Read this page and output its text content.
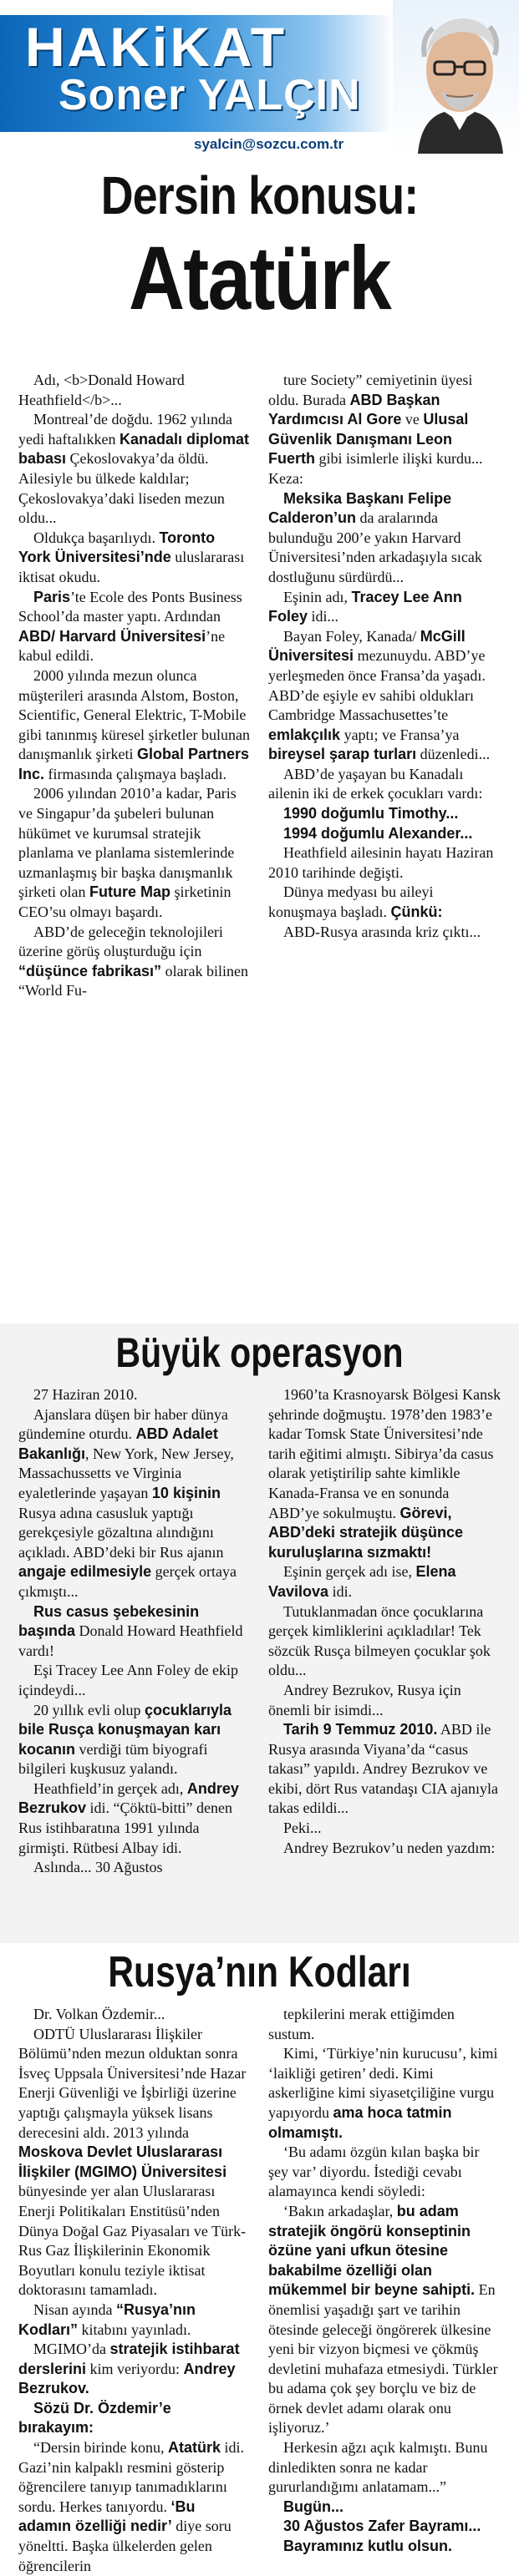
HAKiKAT
Soner YALÇIN
syalcin@sozcu.com.tr
Dersin konusu:
Atatürk

Adı, <b>Donald Howard Heathfield</b>...

Montreal’de doğdu. 1962 yılında yedi haftalıkken Kanadalı diplomat babası Çekoslovakya’da öldü. Ailesiyle bu ülkede kaldılar; Çekoslovakya’daki liseden mezun oldu...

Oldukça başarılıydı. Toronto York Üniversitesi’nde uluslararası iktisat okudu.

Paris’te Ecole des Ponts Business School’da master yaptı. Ardından ABD/ Harvard Üniversitesi’ne kabul edildi.

2000 yılında mezun olunca müşterileri arasında Alstom, Boston, Scientific, General Elektric, T-Mobile gibi tanınmış küresel şirketler bulunan danışmanlık şirketi Global Partners Inc. firmasında çalışmaya başladı.

2006 yılından 2010’a kadar, Paris ve Singapur’da şubeleri bulunan hükümet ve kurumsal stratejik planlama ve planlama sistemlerinde uzmanlaşmış bir başka danışmanlık şirketi olan Future Map şirketinin CEO’su olmayı başardı.

ABD’de geleceğin teknolojileri üzerine görüş oluşturduğu için “düşünce fabrikası” olarak bilinen “World Fu-

ture Society” cemiyetinin üyesi oldu. Burada ABD Başkan Yardımcısı Al Gore ve Ulusal Güvenlik Danışmanı Leon Fuerth gibi isimlerle ilişki kurdu... Keza:

Meksika Başkanı Felipe Calderon’un da aralarında bulunduğu 200’e yakın Harvard Üniversitesi’nden arkadaşıyla sıcak dostluğunu sürdürdü...

Eşinin adı, Tracey Lee Ann Foley idi...

Bayan Foley, Kanada/ McGill Üniversitesi mezunuydu. ABD’ye yerleşmeden önce Fransa’da yaşadı. ABD’de eşiyle ev sahibi oldukları Cambridge Massachusettes’te emlakçılık yaptı; ve Fransa’ya bireysel şarap turları düzenledi...

ABD’de yaşayan bu Kanadalı ailenin iki de erkek çocukları vardı:

1990 doğumlu Timothy...

1994 doğumlu Alexander...

Heathfield ailesinin hayatı Haziran 2010 tarihinde değişti.

Dünya medyası bu aileyi konuşmaya başladı. Çünkü:

ABD-Rusya arasında kriz çıktı...

Büyük operasyon

27 Haziran 2010.

Ajanslara düşen bir haber dünya gündemine oturdu. ABD Adalet Bakanlığı, New York, New Jersey, Massachussetts ve Virginia eyaletlerinde yaşayan 10 kişinin Rusya adına casusluk yaptığı gerekçesiyle gözaltına alındığını açıkladı. ABD’deki bir Rus ajanın angaje edilmesiyle gerçek ortaya çıkmıştı...

Rus casus şebekesinin başında Donald Howard Heathfield vardı!

Eşi Tracey Lee Ann Foley de ekip içindeydi...

20 yıllık evli olup çocuklarıyla bile Rusça konuşmayan karı kocanın verdiği tüm biyografi bilgileri kuşkusuz yalandı.

Heathfield’in gerçek adı, Andrey Bezrukov idi. “Çöktü-bitti” denen Rus istihbaratına 1991 yılında girmişti. Rütbesi Albay idi.

Aslında... 30 Ağustos

1960’ta Krasnoyarsk Bölgesi Kansk şehrinde doğmuştu. 1978’den 1983’e kadar Tomsk State Üniversitesi’nde tarih eğitimi almıştı. Sibirya’da casus olarak yetiştirilip sahte kimlikle Kanada-Fransa ve en sonunda ABD’ye sokulmuştu. Görevi, ABD’deki stratejik düşünce kuruluşlarına sızmaktı!

Eşinin gerçek adı ise, Elena Vavilova idi.

Tutuklanmadan önce çocuklarına gerçek kimliklerini açıkladılar! Tek sözcük Rusça bilmeyen çocuklar şok oldu...

Andrey Bezrukov, Rusya için önemli bir isimdi...

Tarih 9 Temmuz 2010. ABD ile Rusya arasında Viyana’da “casus takası” yapıldı. Andrey Bezrukov ve ekibi, dört Rus vatandaşı CIA ajanıyla takas edildi...

Peki...

Andrey Bezrukov’u neden yazdım:

Rusya’nın Kodları

Dr. Volkan Özdemir...

ODTÜ Uluslararası İlişkiler Bölümü’nden mezun olduktan sonra İsveç Uppsala Üniversitesi’nde Hazar Enerji Güvenliği ve İşbirliği üzerine yaptığı çalışmayla yüksek lisans derecesini aldı. 2013 yılında Moskova Devlet Uluslararası İlişkiler (MGIMO) Üniversitesi bünyesinde yer alan Uluslararası Enerji Politikaları Enstitüsü’nden Dünya Doğal Gaz Piyasaları ve Türk-Rus Gaz İlişkilerinin Ekonomik Boyutları konulu teziyle iktisat doktorasını tamamladı.

Nisan ayında “Rusya’nın Kodları” kitabını yayınladı.

MGIMO’da stratejik istihbarat derslerini kim veriyordu: Andrey Bezrukov.

Sözü Dr. Özdemir’e bırakayım:

“Dersin birinde konu, Atatürk idi. Gazi’nin kalpaklı resmini gösterip öğrencilere tanıyıp tanımadıklarını sordu. Herkes tanıyordu. ‘Bu adamın özelliği nedir’ diye soru yöneltti. Başka ülkelerden gelen öğrencilerin

tepkilerini merak ettiğimden sustum.

Kimi, ‘Türkiye’nin kurucusu’, kimi ‘laikliği getiren’ dedi. Kimi askerliğine kimi siyasetçiliğine vurgu yapıyordu ama hoca tatmin olmamıştı.

‘Bu adamı özgün kılan başka bir şey var’ diyordu. İstediği cevabı alamayınca kendi söyledi:

‘Bakın arkadaşlar, bu adam stratejik öngörü konseptinin özüne yani ufkun ötesine bakabilme özelliği olan mükemmel bir beyne sahipti. En önemlisi yaşadığı şart ve tarihin ötesinde geleceği öngörerek ülkesine yeni bir vizyon biçmesi ve çökmüş devletini muhafaza etmesiydi. Türkler bu adama çok şey borçlu ve biz de örnek devlet adamı olarak onu işliyoruz.’

Herkesin ağzı açık kalmıştı. Bunu dinledikten sonra ne kadar gururlandığımı anlatamam...”

Bugün...

30 Ağustos Zafer Bayramı...

Bayramınız kutlu olsun.
